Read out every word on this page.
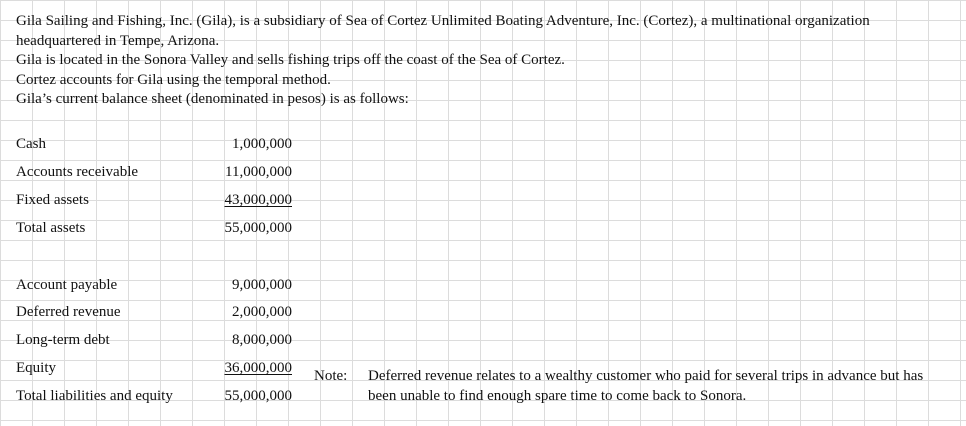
Gila Sailing and Fishing, Inc. (Gila), is a subsidiary of Sea of Cortez Unlimited Boating Adventure, Inc. (Cortez), a multinational organization headquartered in Tempe, Arizona.

Gila is located in the Sonora Valley and sells fishing trips off the coast of the Sea of Cortez.

Cortez accounts for Gila using the temporal method.

Gila’s current balance sheet (denominated in pesos) is as follows:

Cash	1,000,000
Accounts receivable	11,000,000
Fixed assets	43,000,000
Total assets	55,000,000
Account payable	9,000,000
Deferred revenue	2,000,000
Long-term debt	8,000,000
Equity	36,000,000
Total liabilities and equity	55,000,000
Note: Deferred revenue relates to a wealthy customer who paid for several trips in advance but has been unable to find enough spare time to come back to Sonora.
